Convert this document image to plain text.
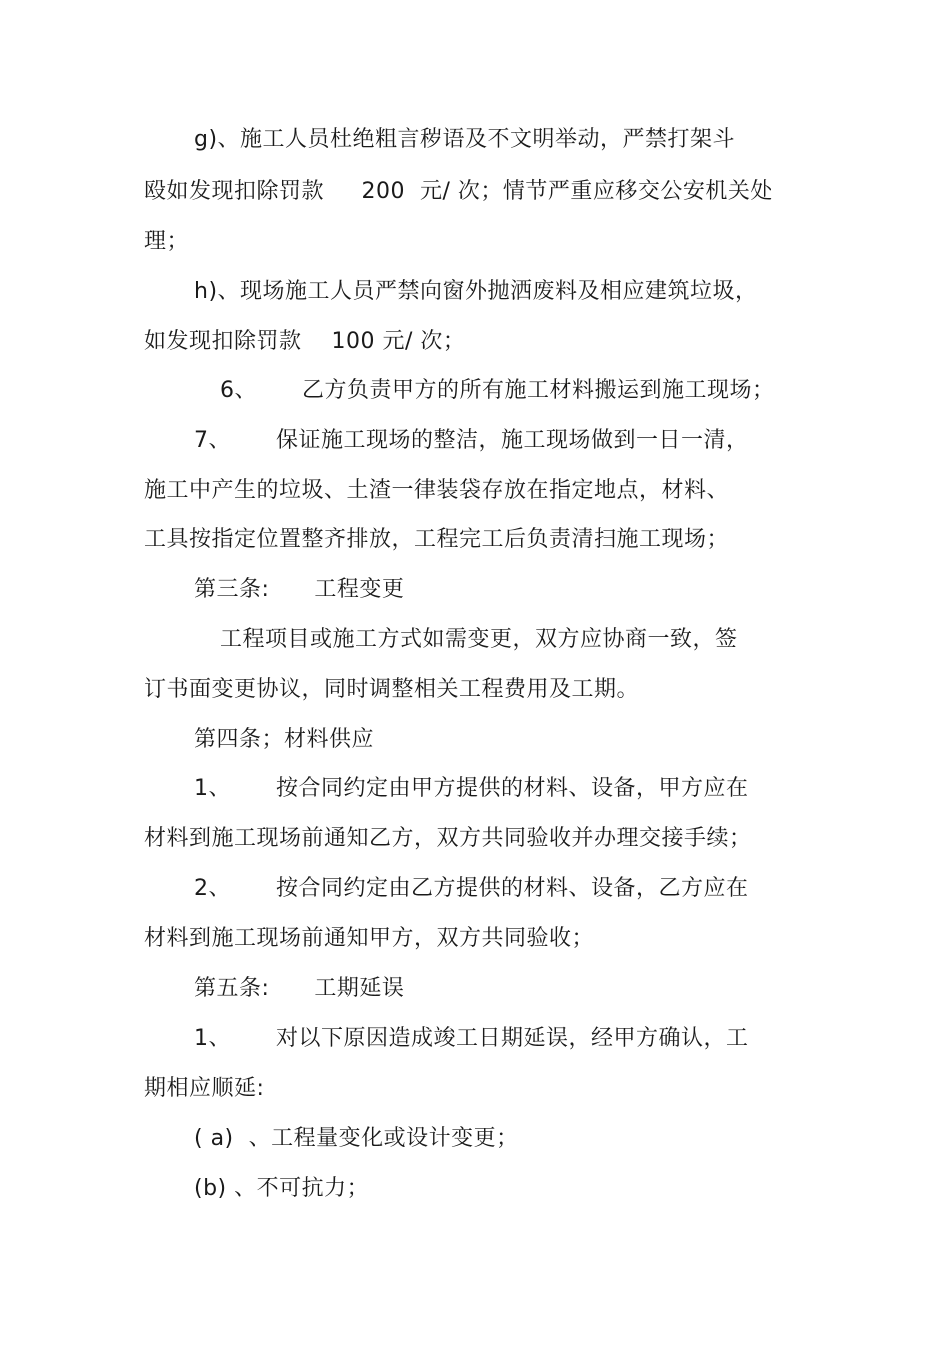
g)、施工人员杜绝粗言秽语及不文明举动，严禁打架斗
殴如发现扣除罚款     200  元/ 次；情节严重应移交公安机关处
理；
h)、现场施工人员严禁向窗外抛洒废料及相应建筑垃圾，
如发现扣除罚款    100 元/ 次；
6、      乙方负责甲方的所有施工材料搬运到施工现场；
7、      保证施工现场的整洁，施工现场做到一日一清，
施工中产生的垃圾、土渣一律装袋存放在指定地点，材料、
工具按指定位置整齐排放，工程完工后负责清扫施工现场；
第三条:      工程变更
工程项目或施工方式如需变更，双方应协商一致，签
订书面变更协议，同时调整相关工程费用及工期。
第四条；材料供应
1、      按合同约定由甲方提供的材料、设备，甲方应在
材料到施工现场前通知乙方，双方共同验收并办理交接手续；
2、      按合同约定由乙方提供的材料、设备，乙方应在
材料到施工现场前通知甲方，双方共同验收；
第五条:      工期延误
1、      对以下原因造成竣工日期延误，经甲方确认，工
期相应顺延:
( a)  、工程量变化或设计变更；
(b) 、不可抗力；
